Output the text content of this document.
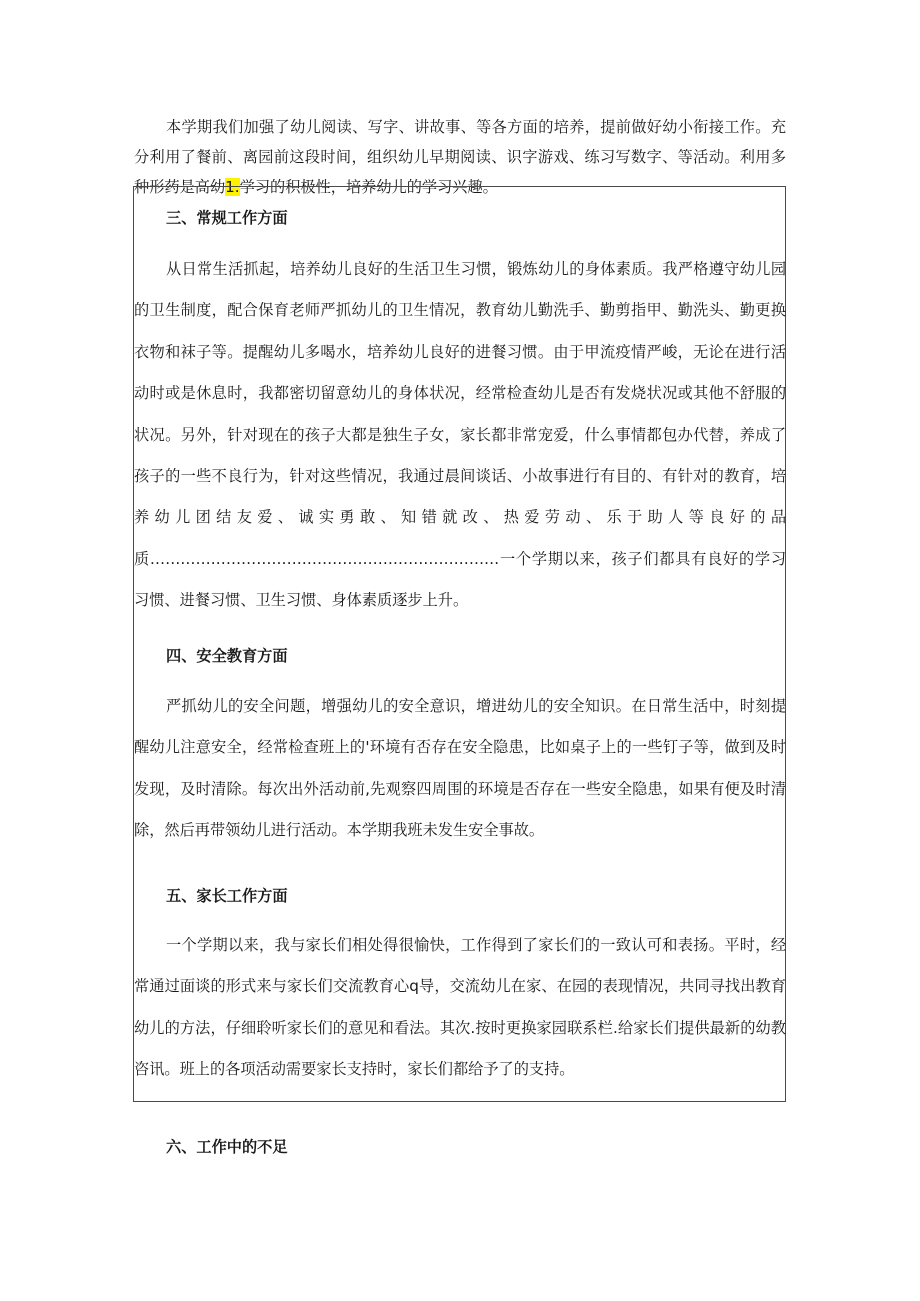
本学期我们加强了幼儿阅读、写字、讲故事、等各方面的培养，提前做好幼小衔接工作。充分利用了餐前、离园前这段时间，组织幼儿早期阅读、识字游戏、练习写数字、等活动。利用多种形药是高幼1.学习的积极性，培养幼儿的学习兴趣。

三、常规工作方面

从日常生活抓起，培养幼儿良好的生活卫生习惯，锻炼幼儿的身体素质。我严格遵守幼儿园的卫生制度，配合保育老师严抓幼儿的卫生情况，教育幼儿勤洗手、勤剪指甲、勤洗头、勤更换衣物和袜子等。提醒幼儿多喝水，培养幼儿良好的进餐习惯。由于甲流疫情严峻，无论在进行活动时或是休息时，我都密切留意幼儿的身体状况，经常检查幼儿是否有发烧状况或其他不舒服的状况。另外，针对现在的孩子大都是独生子女，家长都非常宠爱，什么事情都包办代替，养成了孩子的一些不良行为，针对这些情况，我通过晨间谈话、小故事进行有目的、有针对的教育，培养幼儿团结友爱、诚实勇敢、知错就改、热爱劳动、乐于助人等良好的品质……………………………………………………………一个学期以来，孩子们都具有良好的学习习惯、进餐习惯、卫生习惯、身体素质逐步上升。

四、安全教育方面

严抓幼儿的安全问题，增强幼儿的安全意识，增进幼儿的安全知识。在日常生活中，时刻提醒幼儿注意安全，经常检查班上的'环境有否存在安全隐患，比如桌子上的一些钉子等，做到及时发现，及时清除。每次出外活动前,先观察四周围的环境是否存在一些安全隐患，如果有便及时清除，然后再带领幼儿进行活动。本学期我班未发生安全事故。

五、家长工作方面

一个学期以来，我与家长们相处得很愉快，工作得到了家长们的一致认可和表扬。平时，经常通过面谈的形式来与家长们交流教育心q导，交流幼儿在家、在园的表现情况，共同寻找出教育幼儿的方法，仔细聆听家长们的意见和看法。其次.按时更换家园联系栏.给家长们提供最新的幼教咨讯。班上的各项活动需要家长支持时，家长们都给予了的支持。

六、工作中的不足
